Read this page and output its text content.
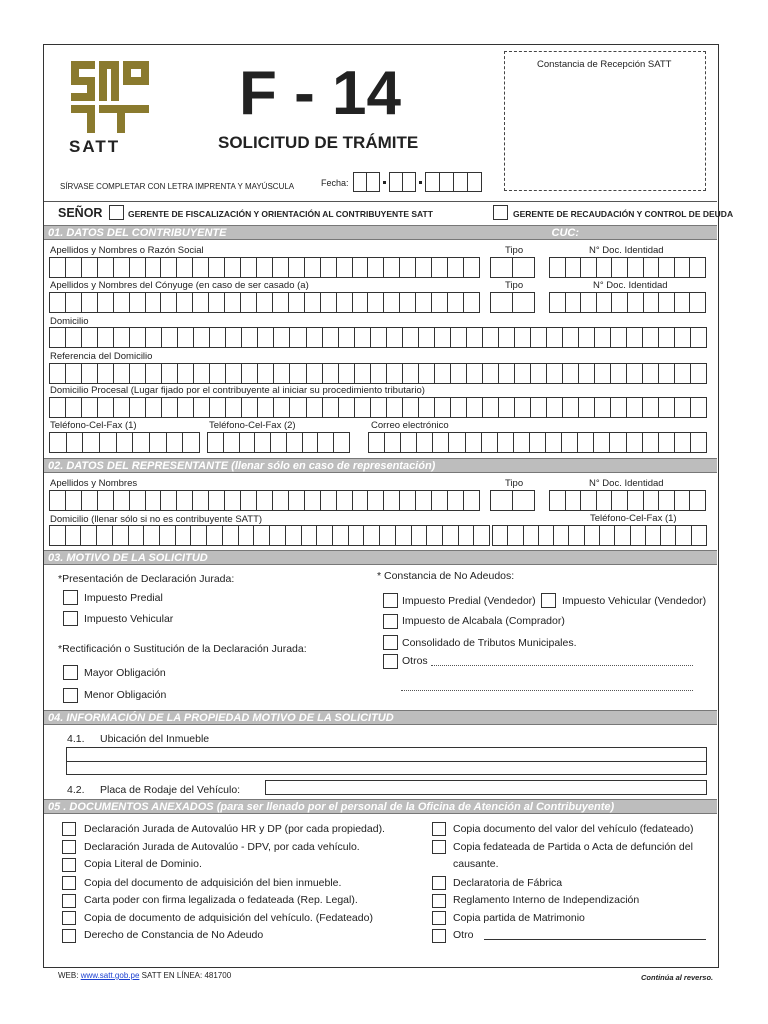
SATT
F - 14
SOLICITUD DE TRÁMITE
SÍRVASE COMPLETAR CON LETRA IMPRENTA Y MAYÚSCULA	Fecha:
Constancia de Recepción SATT
SEÑOR	GERENTE DE FISCALIZACIÓN Y ORIENTACIÓN AL CONTRIBUYENTE SATT	GERENTE DE RECAUDACIÓN Y CONTROL DE DEUDA
01. DATOS DEL CONTRIBUYENTE	CUC:
Apellidos y Nombres o Razón Social	Tipo	N° Doc. Identidad
Apellidos y Nombres del Cónyuge (en caso de ser casado (a)	Tipo	N° Doc. Identidad
Domicilio
Referencia del Domicilio
Domicilio Procesal (Lugar fijado por el contribuyente al iniciar su procedimiento tributario)
Teléfono-Cel-Fax (1)	Teléfono-Cel-Fax (2)	Correo electrónico
02. DATOS DEL REPRESENTANTE (llenar sólo en caso de representación)
Apellidos y Nombres	Tipo	N° Doc. Identidad
Domicilio (llenar sólo si no es contribuyente SATT)	Teléfono-Cel-Fax (1)
03. MOTIVO DE LA SOLICITUD
*Presentación de Declaración Jurada:
Impuesto Predial
Impuesto Vehicular
*Rectificación o Sustitución de la Declaración Jurada:
Mayor Obligación
Menor Obligación
* Constancia de No Adeudos:
Impuesto Predial (Vendedor)	Impuesto Vehicular (Vendedor)
Impuesto de Alcabala (Comprador)
Consolidado de Tributos Municipales.
Otros
04. INFORMACIÓN DE LA PROPIEDAD MOTIVO DE LA SOLICITUD
4.1. Ubicación del Inmueble
4.2. Placa de Rodaje del Vehículo:
05 . DOCUMENTOS ANEXADOS (para ser llenado por el personal de la Oficina de Atención al Contribuyente)
Declaración Jurada de Autovalúo HR y DP (por cada propiedad).
Declaración Jurada de Autovalúo - DPV, por cada vehículo.
Copia Literal de Dominio.
Copia del documento de adquisición del bien inmueble.
Carta poder con firma legalizada o fedateada (Rep. Legal).
Copia de documento de adquisición del vehículo. (Fedateado)
Derecho de Constancia de No Adeudo
Copia documento del valor del vehículo (fedateado)
Copia fedateada de Partida o Acta de defunción del
causante.
Declaratoria de Fábrica
Reglamento Interno de Independización
Copia partida de Matrimonio
Otro
WEB: www.satt.gob.pe SATT EN LÍNEA: 481700	Continúa al reverso.
